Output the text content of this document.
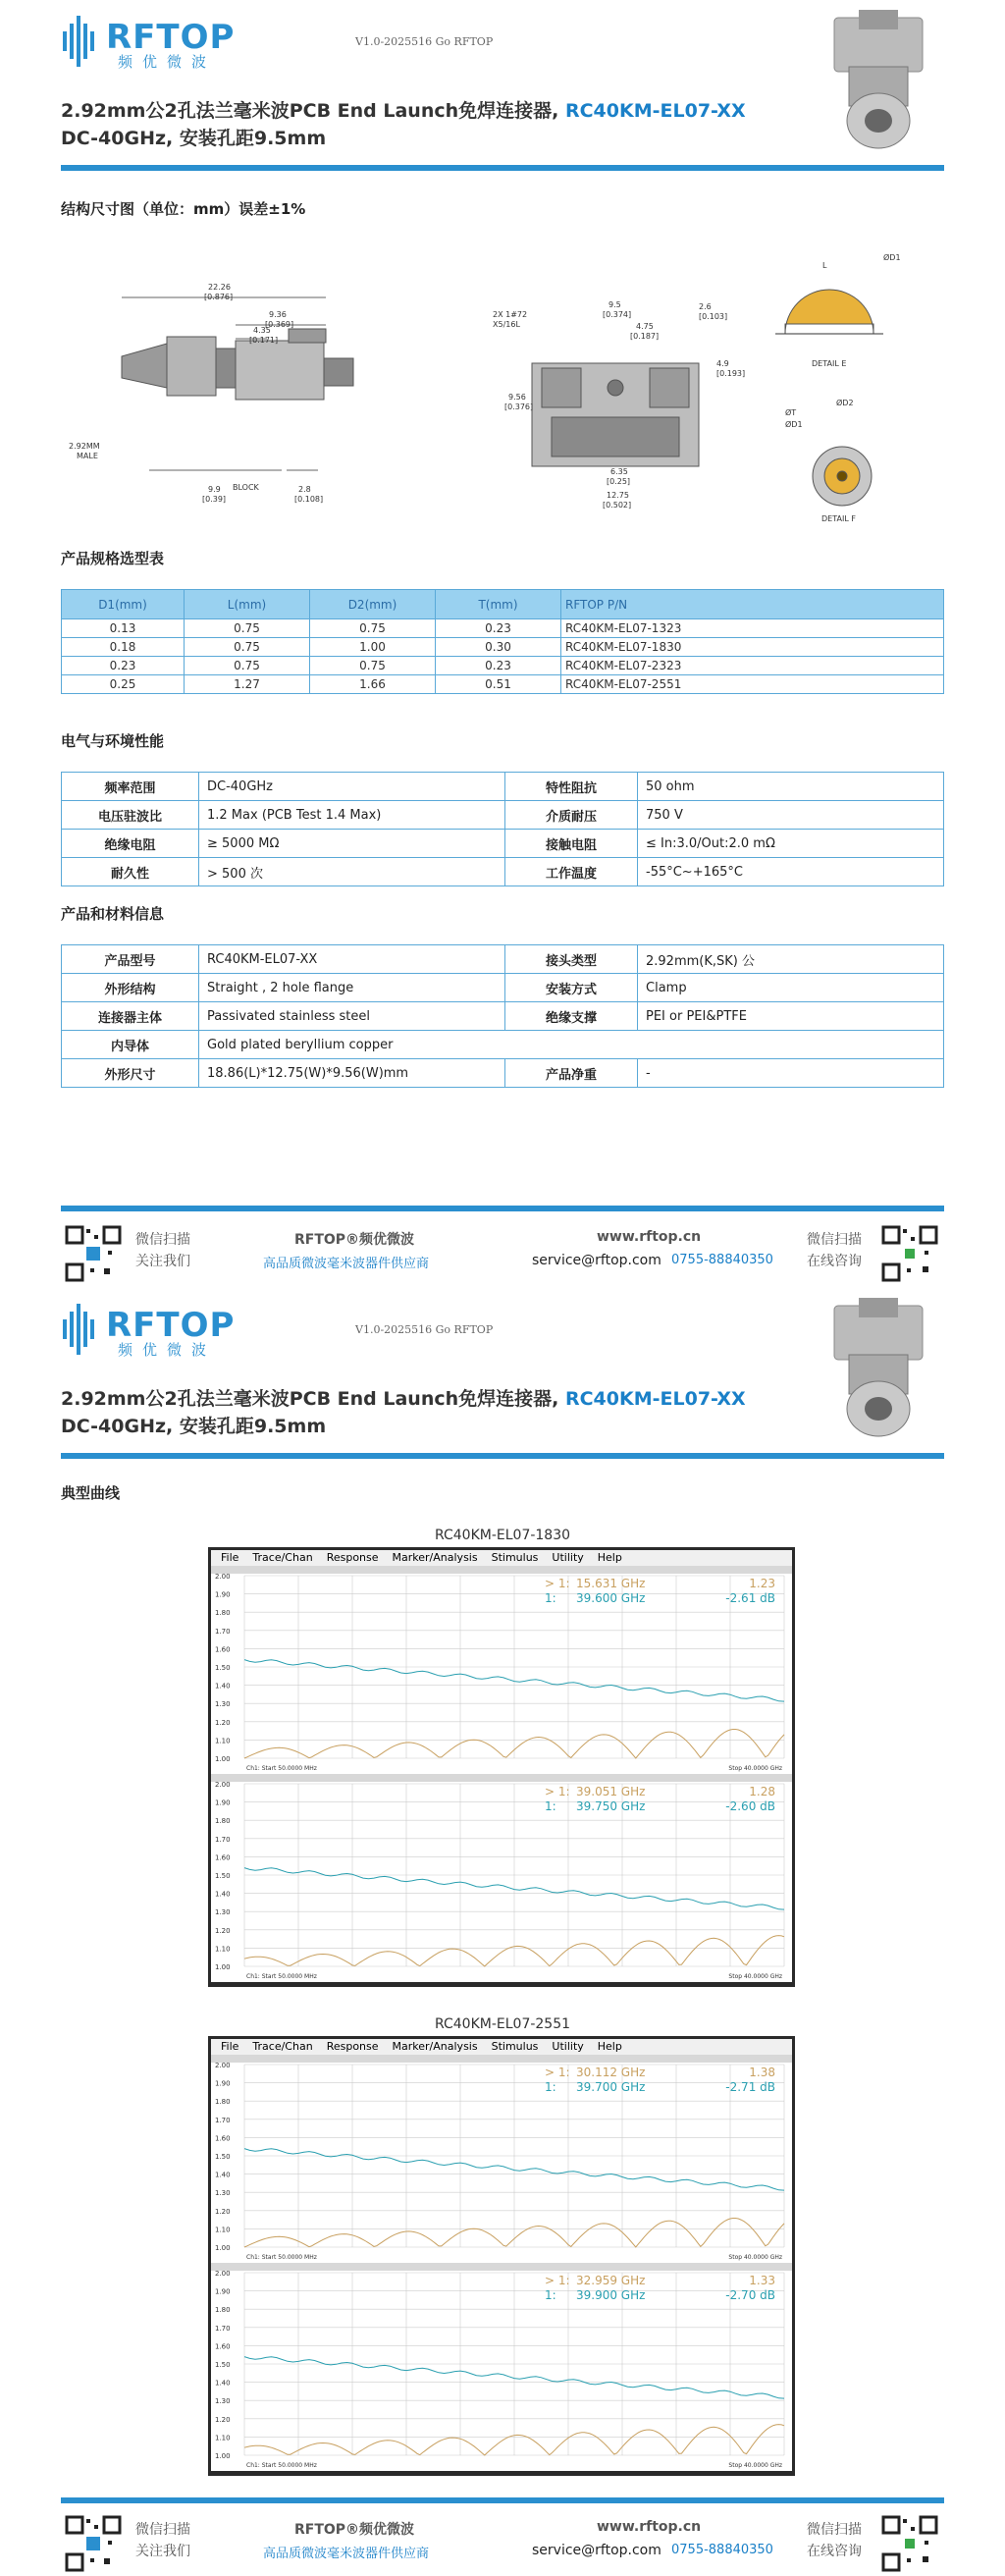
RFTOP
频优微波
V1.0-2025516 Go RFTOP
2.92mm公2孔法兰毫米波PCB End Launch免焊连接器, RC40KM-EL07-XX
DC-40GHz, 安装孔距9.5mm
结构尺寸图（单位：mm）误差±1%
22.26
[0.876]
9.36
[0.369]
4.35
[0.171]
2.92MM
MALE
BLOCK
9.9
[0.39]
2.8
[0.108]
2X 1#72
X5/16L
9.5
[0.374]
4.75
[0.187]
2.6
[0.103]
4.9
[0.193]
9.56
[0.376]
6.35
[0.25]
12.75
[0.502]
L
ØD1
DETAIL E
ØT
ØD2
ØD1
DETAIL F
产品规格选型表
D1(mm)	L(mm)	D2(mm)	T(mm)	RFTOP P/N
0.13	0.75	0.75	0.23	RC40KM-EL07-1323
0.18	0.75	1.00	0.30	RC40KM-EL07-1830
0.23	0.75	0.75	0.23	RC40KM-EL07-2323
0.25	1.27	1.66	0.51	RC40KM-EL07-2551
电气与环境性能
频率范围	DC-40GHz	特性阻抗	50 ohm
电压驻波比	1.2 Max (PCB Test 1.4 Max)	介质耐压	750 V
绝缘电阻	≥ 5000 MΩ	接触电阻	≤ In:3.0/Out:2.0 mΩ
耐久性	> 500 次	工作温度	-55°C~+165°C
产品和材料信息
产品型号	RC40KM-EL07-XX	接头类型	2.92mm(K,SK) 公
外形结构	Straight , 2 hole flange	安装方式	Clamp
连接器主体	Passivated stainless steel	绝缘支撑	PEI or PEI&PTFE
内导体	Gold plated beryllium copper		
外形尺寸	18.86(L)*12.75(W)*9.56(W)mm	产品净重	-
微信扫描
关注我们
RFTOP®频优微波
高品质微波毫米波器件供应商
www.rftop.cn
service@rftop.com 0755-88840350
微信扫描
在线咨询
RFTOP
频优微波
V1.0-2025516 Go RFTOP
2.92mm公2孔法兰毫米波PCB End Launch免焊连接器, RC40KM-EL07-XX
DC-40GHz, 安装孔距9.5mm
典型曲线
RC40KM-EL07-1830
File Trace/Chan Response Marker/Analysis Stimulus Utility Help
2.00
1.90
1.80
1.70
1.60
1.50
1.40
1.30
1.20
1.10
1.00
> 1: 15.631 GHz	1.23
1: 39.600 GHz	-2.61 dB
Ch1: Start 50.0000 MHz	Stop 40.0000 GHz
2.00
1.90
1.80
1.70
1.60
1.50
1.40
1.30
1.20
1.10
1.00
> 1: 39.051 GHz	1.28
1: 39.750 GHz	-2.60 dB
Ch1: Start 50.0000 MHz	Stop 40.0000 GHz
RC40KM-EL07-2551
File Trace/Chan Response Marker/Analysis Stimulus Utility Help
2.00
1.90
1.80
1.70
1.60
1.50
1.40
1.30
1.20
1.10
1.00
> 1: 30.112 GHz	1.38
1: 39.700 GHz	-2.71 dB
Ch1: Start 50.0000 MHz	Stop 40.0000 GHz
2.00
1.90
1.80
1.70
1.60
1.50
1.40
1.30
1.20
1.10
1.00
> 1: 32.959 GHz	1.33
1: 39.900 GHz	-2.70 dB
Ch1: Start 50.0000 MHz	Stop 40.0000 GHz
微信扫描
关注我们
RFTOP®频优微波
高品质微波毫米波器件供应商
www.rftop.cn
service@rftop.com 0755-88840350
微信扫描
在线咨询
